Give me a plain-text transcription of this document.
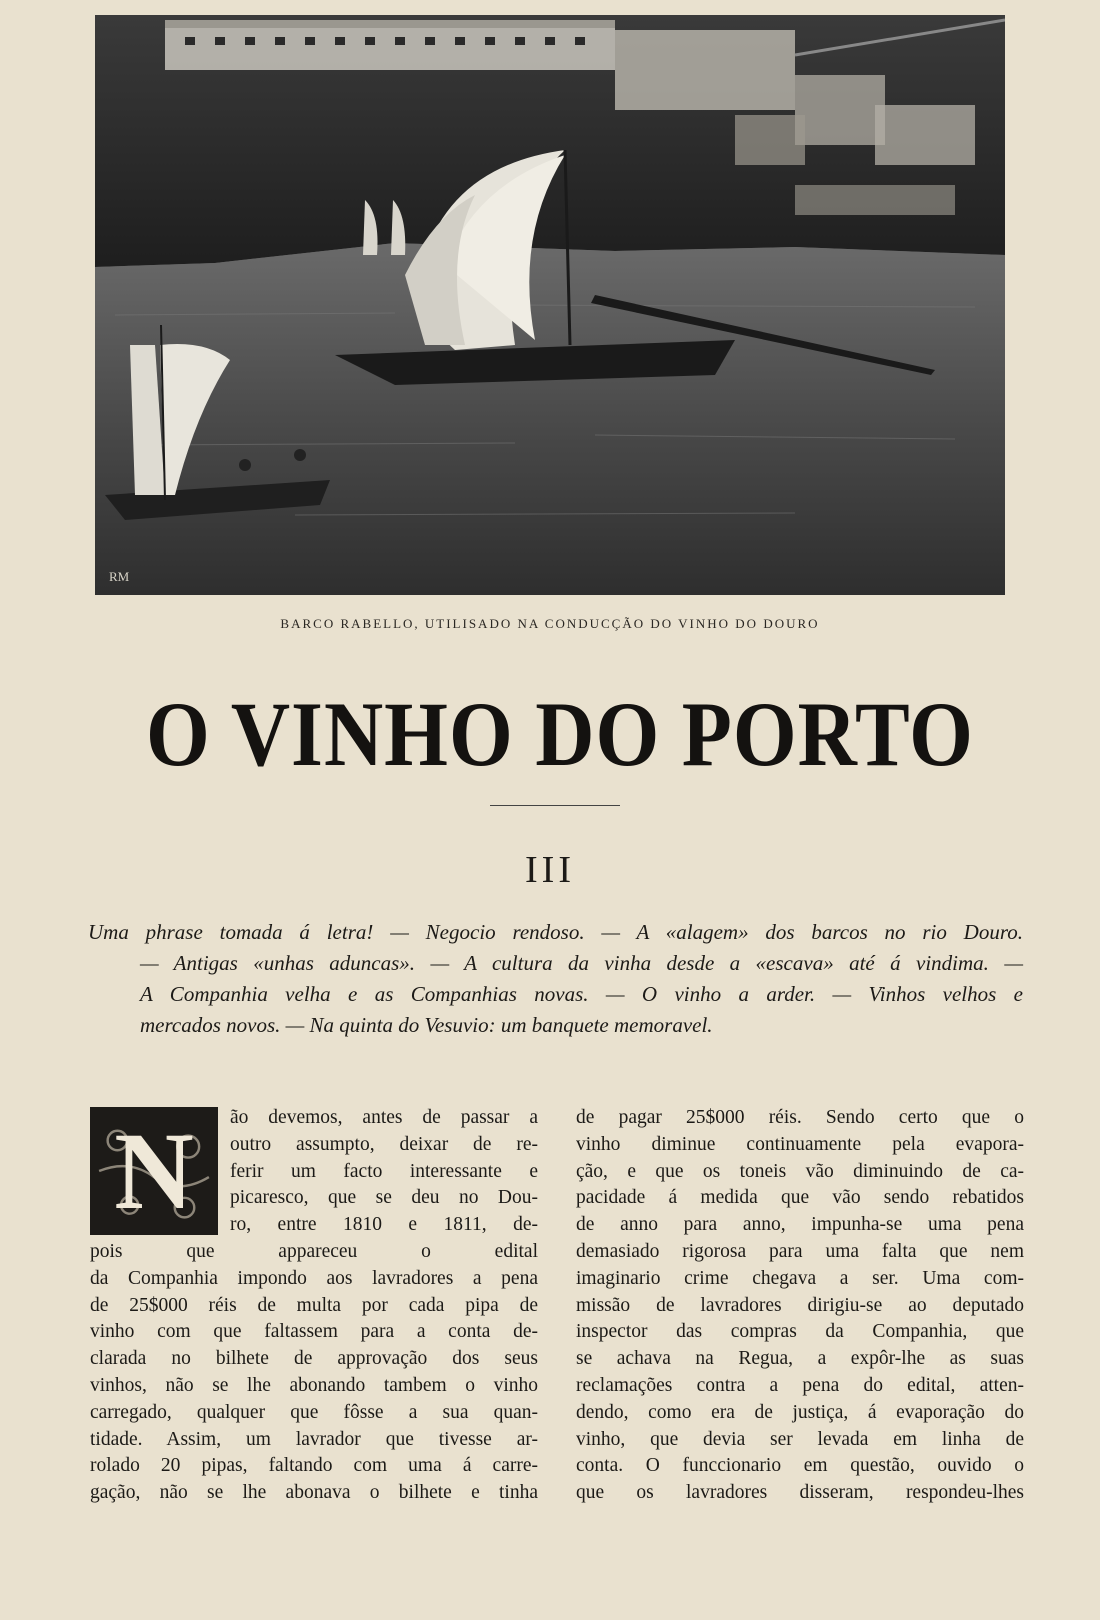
RM
BARCO RABELLO, UTILISADO NA CONDUCÇÃO DO VINHO DO DOURO
O VINHO DO PORTO
III
Uma phrase tomada á letra! — Negocio rendoso. — A «alagem» dos barcos no rio Douro.
— Antigas «unhas aduncas». — A cultura da vinha desde a «escava» até á vindima. —
A Companhia velha e as Companhias novas. — O vinho a arder. — Vinhos velhos e
mercados novos. — Na quinta do Vesuvio: um banquete memoravel.
N	ão devemos, antes de passar a
outro assumpto, deixar de re-
ferir um facto interessante e
picaresco, que se deu no Dou-
ro, entre 1810 e 1811, de-
pois que appareceu o edital
da Companhia impondo aos lavradores a pena
de 25$000 réis de multa por cada pipa de
vinho com que faltassem para a conta de-
clarada no bilhete de approvação dos seus
vinhos, não se lhe abonando tambem o vinho
carregado, qualquer que fôsse a sua quan-
tidade. Assim, um lavrador que tivesse ar-
rolado 20 pipas, faltando com uma á carre-
gação, não se lhe abonava o bilhete e tinha
de pagar 25$000 réis. Sendo certo que o
vinho diminue continuamente pela evapora-
ção, e que os toneis vão diminuindo de ca-
pacidade á medida que vão sendo rebatidos
de anno para anno, impunha-se uma pena
demasiado rigorosa para uma falta que nem
imaginario crime chegava a ser. Uma com-
missão de lavradores dirigiu-se ao deputado
inspector das compras da Companhia, que
se achava na Regua, a expôr-lhe as suas
reclamações contra a pena do edital, atten-
dendo, como era de justiça, á evaporação do
vinho, que devia ser levada em linha de
conta. O funccionario em questão, ouvido o
que os lavradores disseram, respondeu-lhes
